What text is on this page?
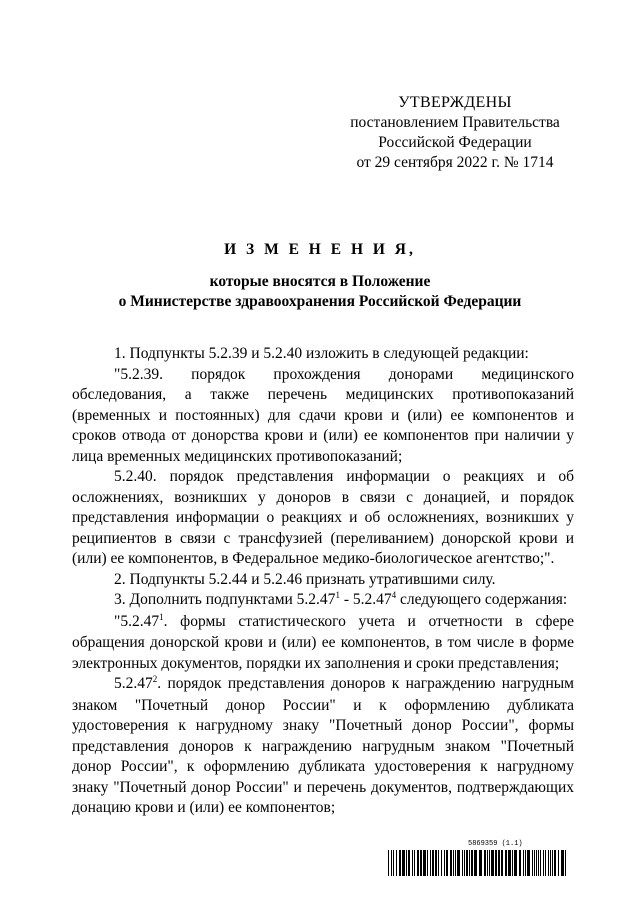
УТВЕРЖДЕНЫ
постановлением Правительства
Российской Федерации
от 29 сентября 2022 г. № 1714
И З М Е Н Е Н И Я,
которые вносятся в Положение
о Министерстве здравоохранения Российской Федерации

1. Подпункты 5.2.39 и 5.2.40 изложить в следующей редакции:

"5.2.39. порядок прохождения донорами медицинского обследования, а также перечень медицинских противопоказаний (временных и постоянных) для сдачи крови и (или) ее компонентов и сроков отвода от донорства крови и (или) ее компонентов при наличии у лица временных медицинских противопоказаний;

5.2.40. порядок представления информации о реакциях и об осложнениях, возникших у доноров в связи с донацией, и порядок представления информации о реакциях и об осложнениях, возникших у реципиентов в связи с трансфузией (переливанием) донорской крови и (или) ее компонентов, в Федеральное медико-биологическое агентство;".

2. Подпункты 5.2.44 и 5.2.46 признать утратившими силу.

3. Дополнить подпунктами 5.2.47$^1$ - 5.2.47$^4$ следующего содержания:

"5.2.47$^1$. формы статистического учета и отчетности в сфере обращения донорской крови и (или) ее компонентов, в том числе в форме электронных документов, порядки их заполнения и сроки представления;

5.2.47$^2$. порядок представления доноров к награждению нагрудным знаком "Почетный донор России" и к оформлению дубликата удостоверения к нагрудному знаку "Почетный донор России", формы представления доноров к награждению нагрудным знаком "Почетный донор России", к оформлению дубликата удостоверения к нагрудному знаку "Почетный донор России" и перечень документов, подтверждающих донацию крови и (или) ее компонентов;

5869359 (1.1)
